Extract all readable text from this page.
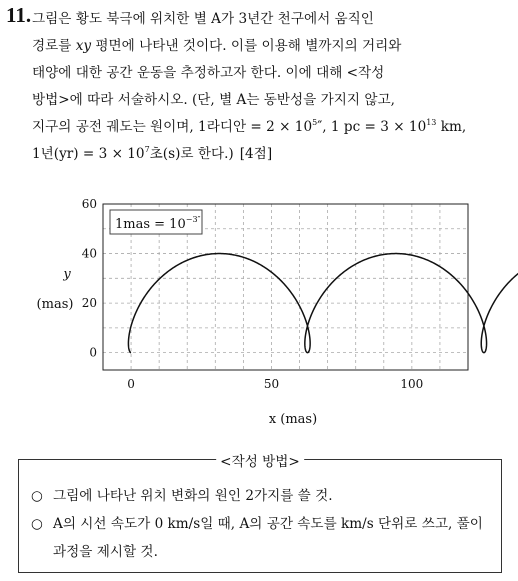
11. 그림은 황도 북극에 위치한 별 A가 3년간 천구에서 움직인
경로를 xy 평면에 나타낸 것이다. 이를 이용해 별까지의 거리와
태양에 대한 공간 운동을 추정하고자 한다. 이에 대해 <작성
방법>에 따라 서술하시오. (단, 별 A는 동반성을 가지지 않고,
지구의 공전 궤도는 원이며, 1라디안 = $2 \times 10^5''$, 1 pc = $3 \times 10^{13}$ km,
1년$(yr) = 3 \times 10^7$초(s)로 한다.) [4점]
0	50	100
0
20
40
60
$1mas = 10^{-3''}$
y
(mas)
x (mas)
<작성 방법>
○ 그림에 나타난 위치 변화의 원인 2가지를 쓸 것.
○ A의 시선 속도가 0 km/s일 때, A의 공간 속도를 km/s 단위로 쓰고, 풀이 과정을 제시할 것.
